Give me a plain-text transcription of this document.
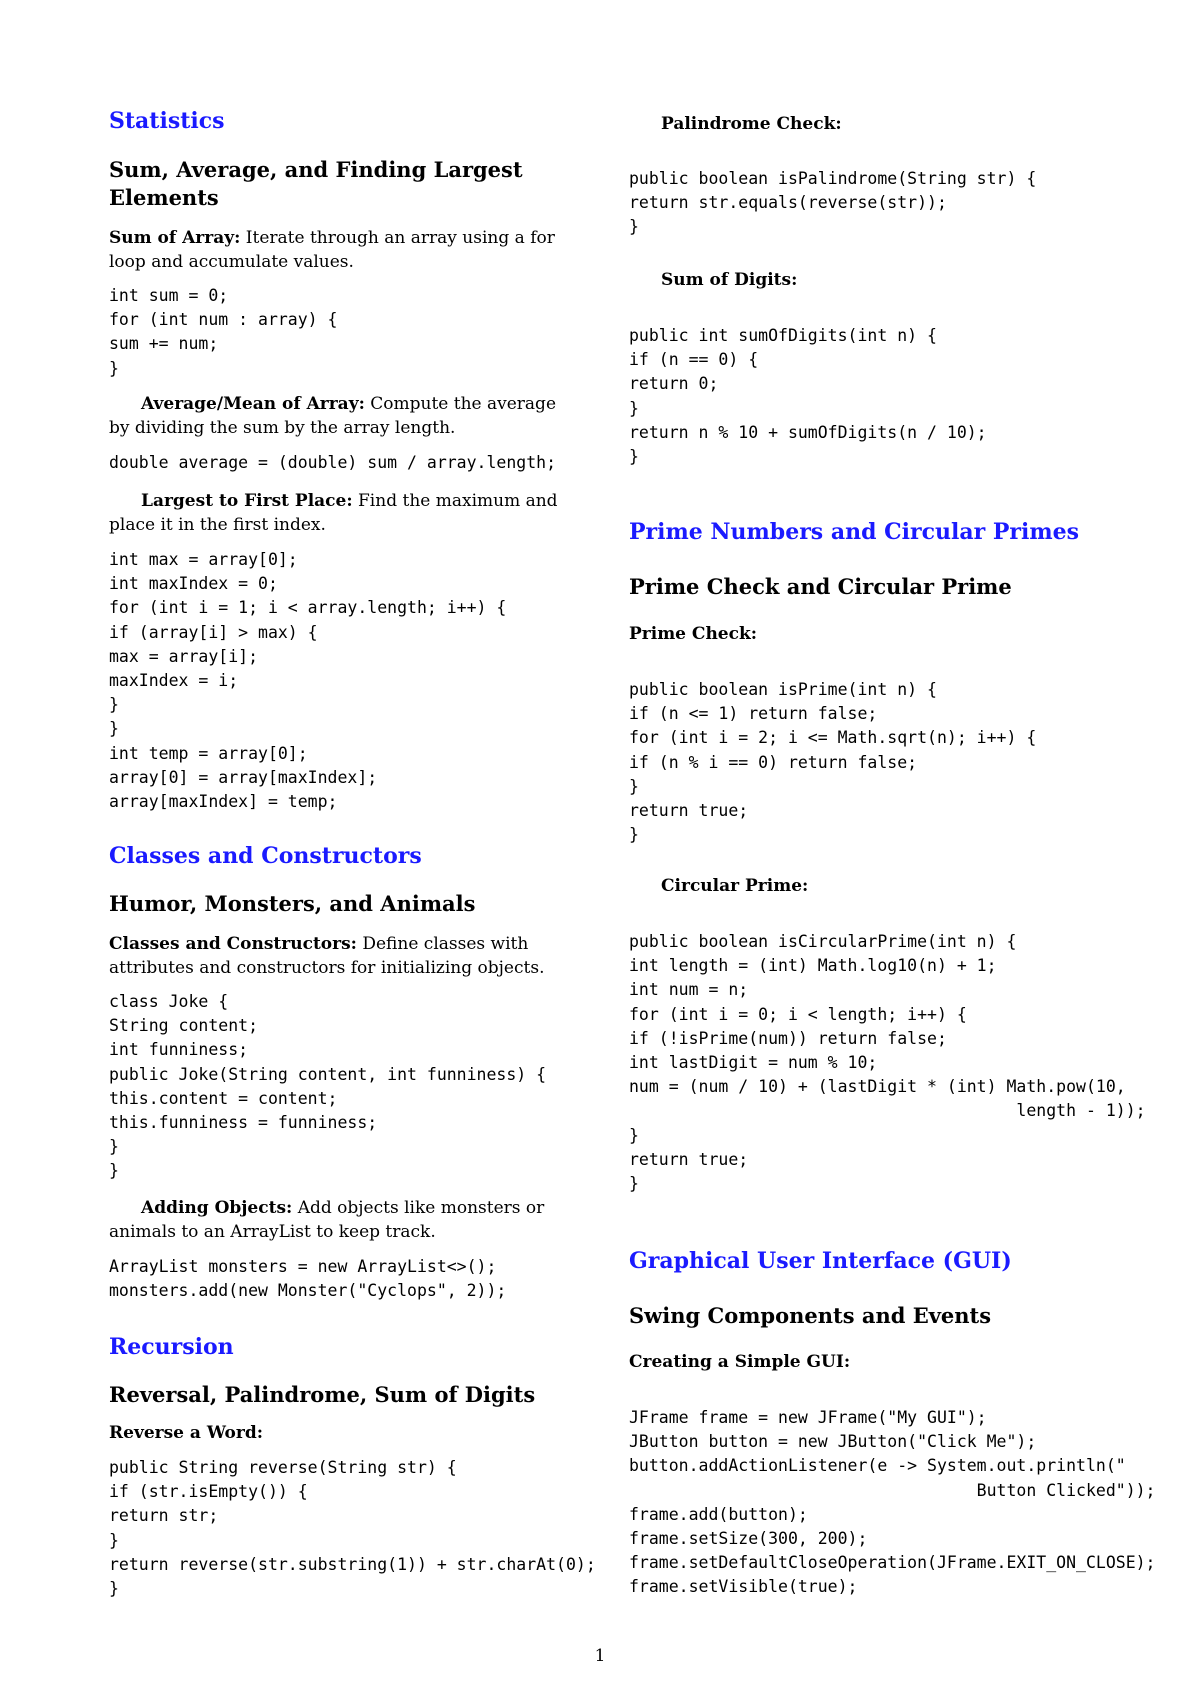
Statistics
Sum, Average, and Finding Largest Elements
Sum of Array: Iterate through an array using a for loop and accumulate values.
int sum = 0;
for (int num : array) {
sum += num;
}
Average/Mean of Array: Compute the average by dividing the sum by the array length.
double average = (double) sum / array.length;
Largest to First Place: Find the maximum and place it in the first index.
int max = array[0];
int maxIndex = 0;
for (int i = 1; i < array.length; i++) {
if (array[i] > max) {
max = array[i];
maxIndex = i;
}
}
int temp = array[0];
array[0] = array[maxIndex];
array[maxIndex] = temp;
Classes and Constructors
Humor, Monsters, and Animals
Classes and Constructors: Define classes with attributes and constructors for initializing objects.
class Joke {
String content;
int funniness;
public Joke(String content, int funniness) {
this.content = content;
this.funniness = funniness;
}
}
Adding Objects: Add objects like monsters or animals to an ArrayList to keep track.
ArrayList monsters = new ArrayList<>();
monsters.add(new Monster("Cyclops", 2));
Recursion
Reversal, Palindrome, Sum of Digits
Reverse a Word:
public String reverse(String str) {
if (str.isEmpty()) {
return str;
}
return reverse(str.substring(1)) + str.charAt(0);
}
Palindrome Check:
public boolean isPalindrome(String str) {
return str.equals(reverse(str));
}
Sum of Digits:
public int sumOfDigits(int n) {
if (n == 0) {
return 0;
}
return n % 10 + sumOfDigits(n / 10);
}
Prime Numbers and Circular Primes
Prime Check and Circular Prime
Prime Check:
public boolean isPrime(int n) {
if (n <= 1) return false;
for (int i = 2; i <= Math.sqrt(n); i++) {
if (n % i == 0) return false;
}
return true;
}
Circular Prime:
public boolean isCircularPrime(int n) {
int length = (int) Math.log10(n) + 1;
int num = n;
for (int i = 0; i < length; i++) {
if (!isPrime(num)) return false;
int lastDigit = num % 10;
num = (num / 10) + (lastDigit * (int) Math.pow(10,
length - 1));
}
return true;
}
Graphical User Interface (GUI)
Swing Components and Events
Creating a Simple GUI:
JFrame frame = new JFrame("My GUI");
JButton button = new JButton("Click Me");
button.addActionListener(e -> System.out.println("
Button Clicked"));
frame.add(button);
frame.setSize(300, 200);
frame.setDefaultCloseOperation(JFrame.EXIT_ON_CLOSE);
frame.setVisible(true);
1
